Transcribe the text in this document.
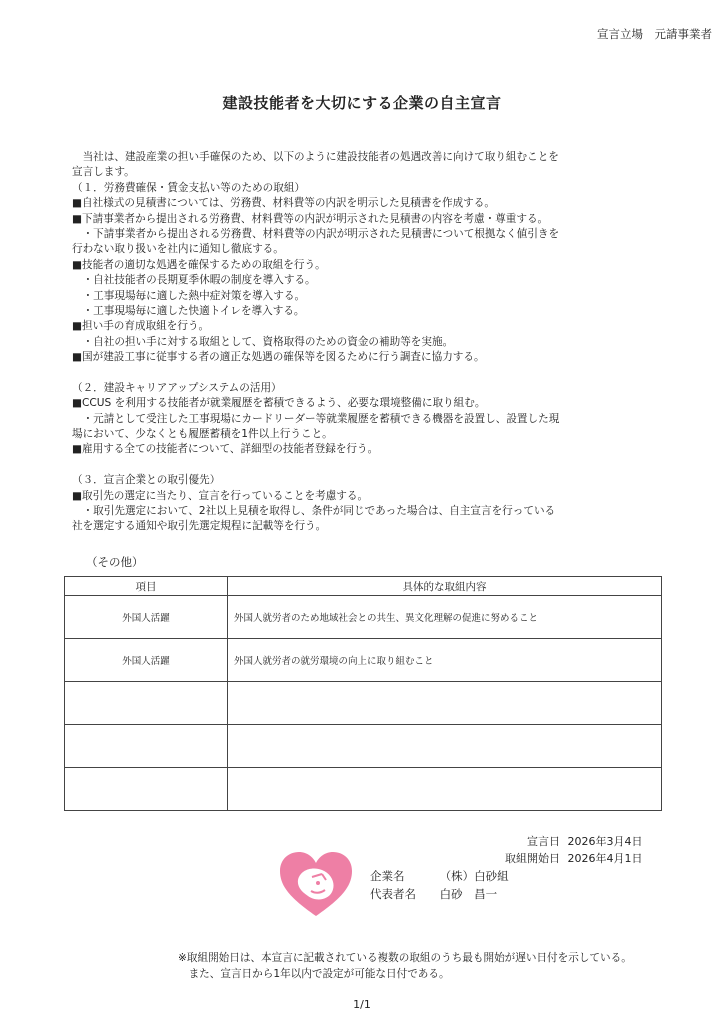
宣言立場　元請事業者
建設技能者を大切にする企業の自主宣言
　当社は、建設産業の担い手確保のため、以下のように建設技能者の処遇改善に向けて取り組むことを
宣言します。
（１．労務費確保・賃金支払い等のための取組）
■自社様式の見積書については、労務費、材料費等の内訳を明示した見積書を作成する。
■下請事業者から提出される労務費、材料費等の内訳が明示された見積書の内容を考慮・尊重する。
　・下請事業者から提出される労務費、材料費等の内訳が明示された見積書について根拠なく値引きを
行わない取り扱いを社内に通知し徹底する。
■技能者の適切な処遇を確保するための取組を行う。
　・自社技能者の長期夏季休暇の制度を導入する。
　・工事現場毎に適した熱中症対策を導入する。
　・工事現場毎に適した快適トイレを導入する。
■担い手の育成取組を行う。
　・自社の担い手に対する取組として、資格取得のための資金の補助等を実施。
■国が建設工事に従事する者の適正な処遇の確保等を図るために行う調査に協力する。
（２．建設キャリアアップシステムの活用）
■CCUS を利用する技能者が就業履歴を蓄積できるよう、必要な環境整備に取り組む。
　・元請として受注した工事現場にカードリーダー等就業履歴を蓄積できる機器を設置し、設置した現
場において、少なくとも履歴蓄積を1件以上行うこと。
■雇用する全ての技能者について、詳細型の技能者登録を行う。
（３．宣言企業との取引優先）
■取引先の選定に当たり、宣言を行っていることを考慮する。
　・取引先選定において、2社以上見積を取得し、条件が同じであった場合は、自主宣言を行っている
社を選定する通知や取引先選定規程に記載等を行う。
（その他）
項目	具体的な取組内容
外国人活躍	外国人就労者のため地域社会との共生、異文化理解の促進に努めること
外国人活躍	外国人就労者の就労環境の向上に取り組むこと

宣言日 2026年3月4日
取組開始日 2026年4月1日
企業名	（株）白砂組
代表者名 白砂　昌一
※取組開始日は、本宣言に記載されている複数の取組のうち最も開始が遅い日付を示している。
　また、宣言日から1年以内で設定が可能な日付である。
1/1
